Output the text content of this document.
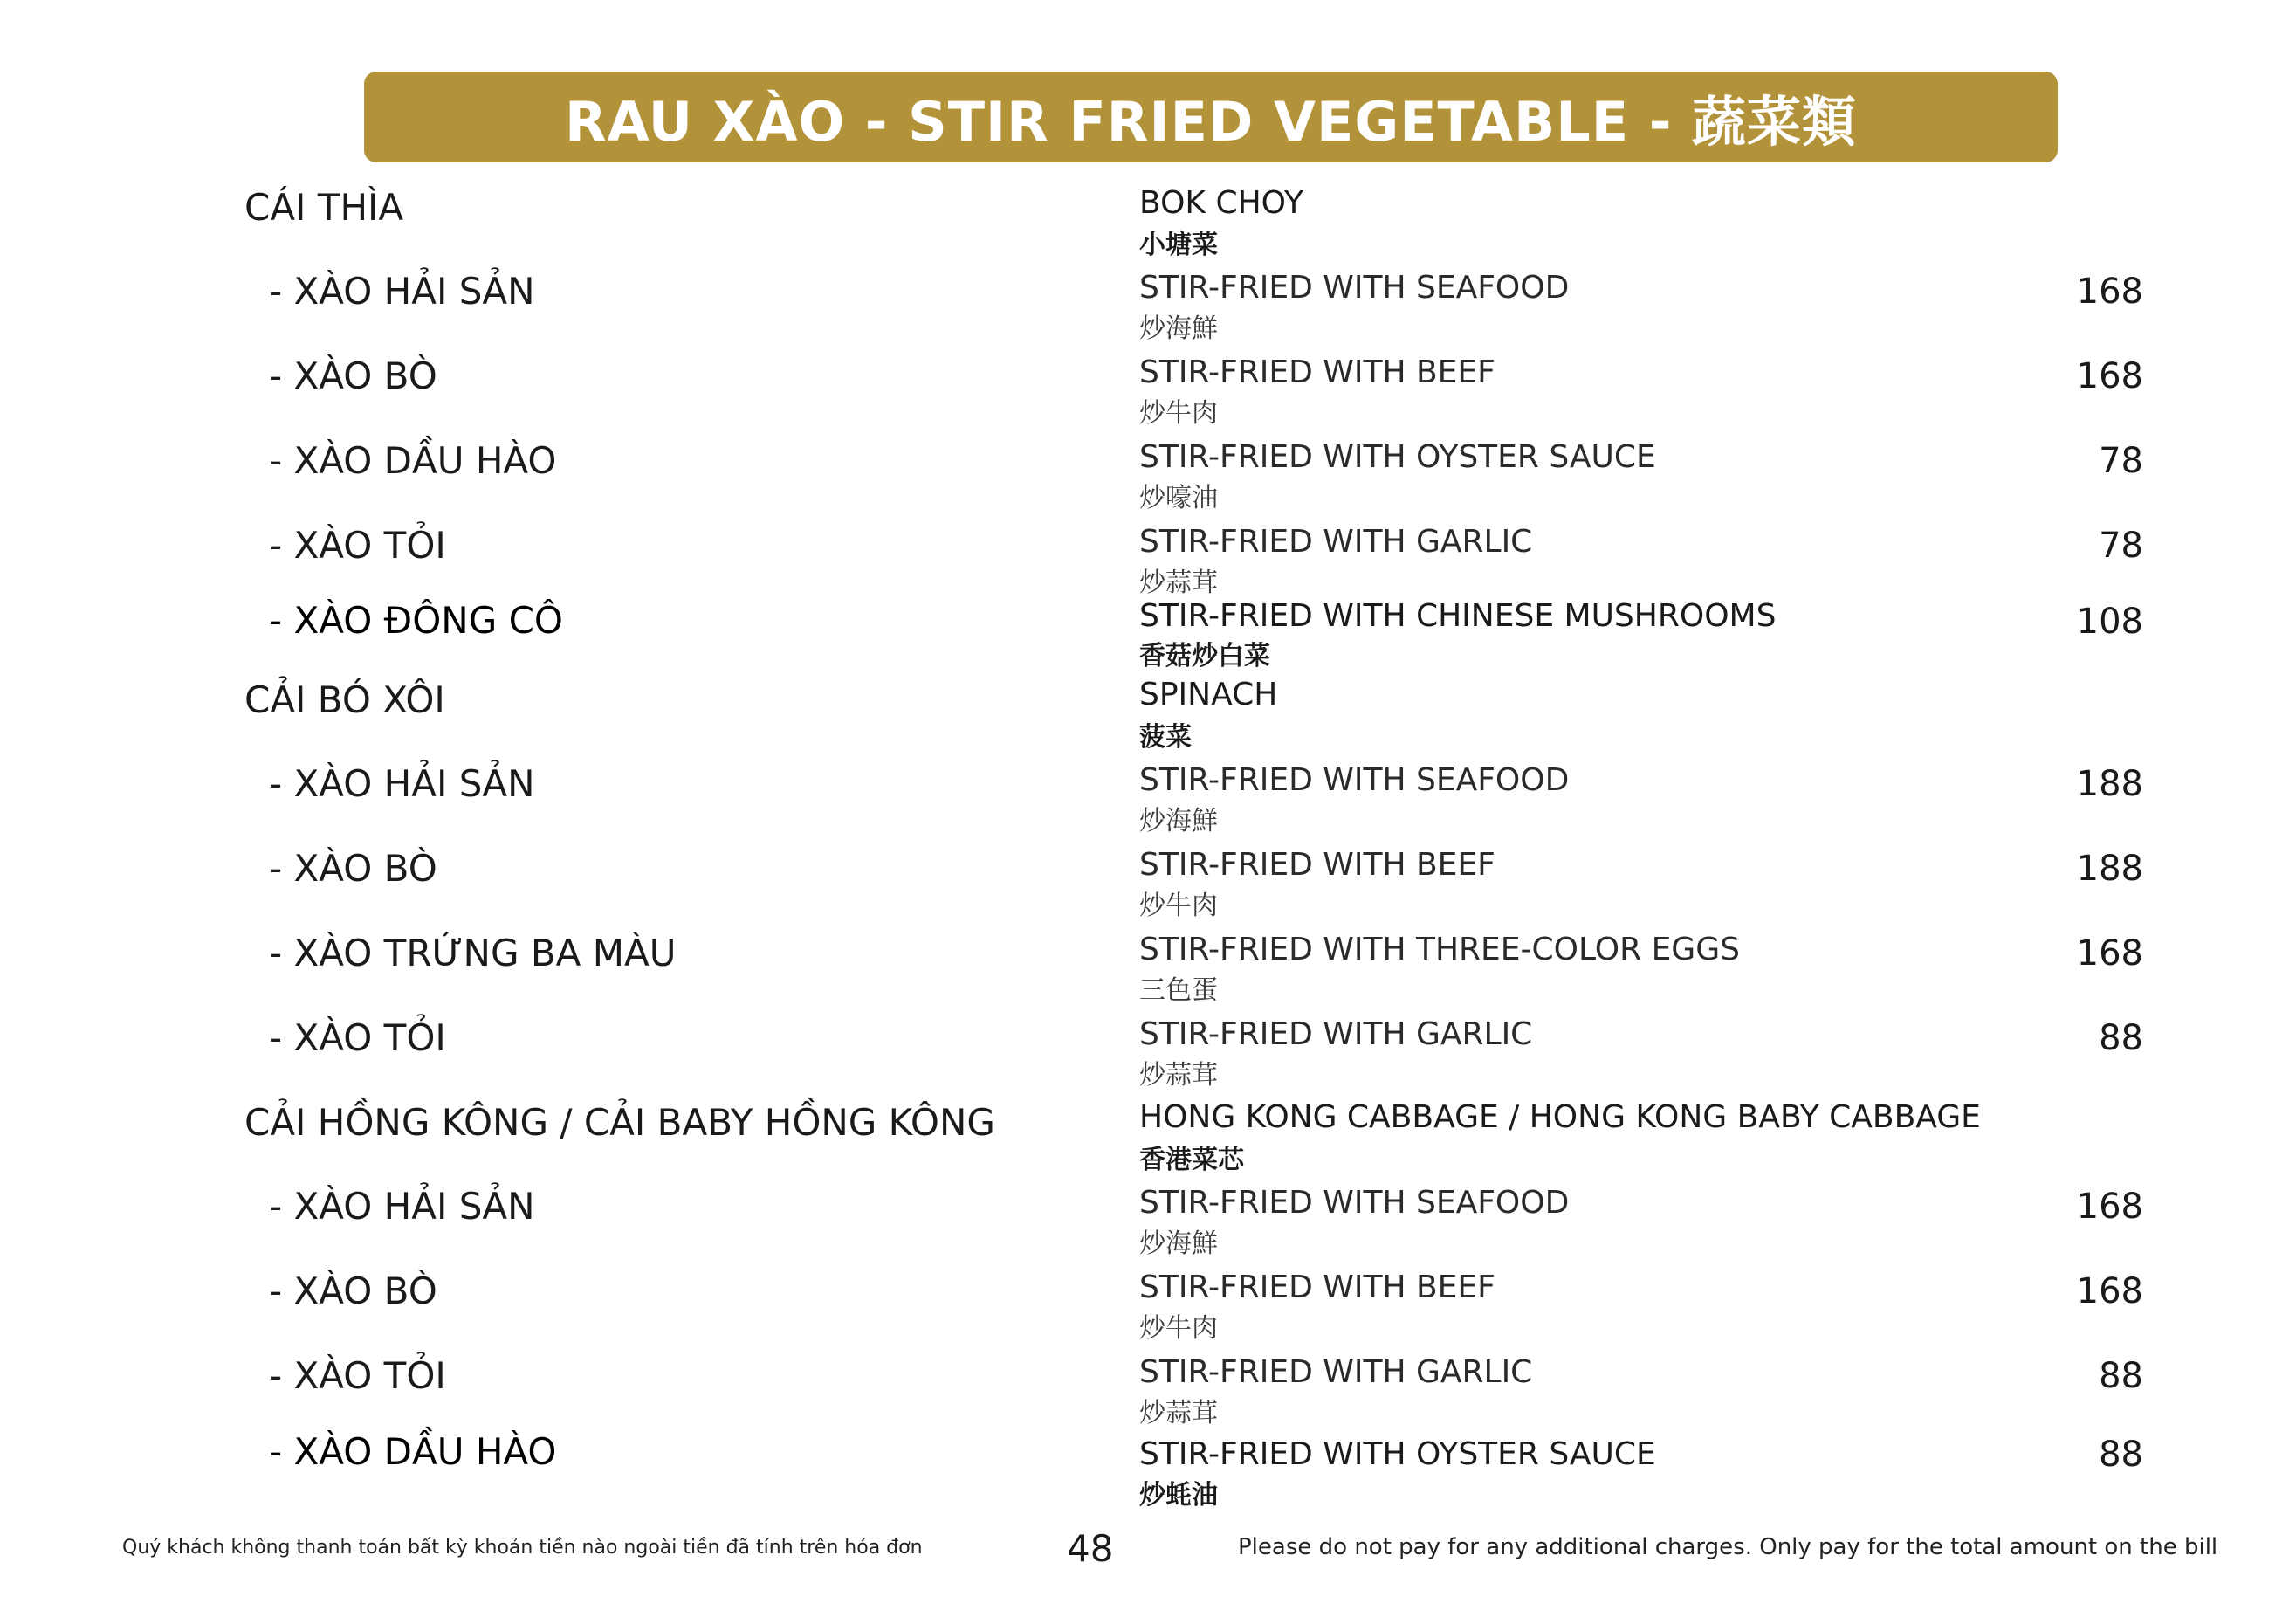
RAU XÀO - STIR FRIED VEGETABLE - 蔬菜類
CÁI THÌA	BOK CHOY
小塘菜
- XÀO HẢI SẢN	STIR-FRIED WITH SEAFOOD	168
炒海鮮
- XÀO BÒ	STIR-FRIED WITH BEEF	168
炒牛肉
- XÀO DẦU HÀO	STIR-FRIED WITH OYSTER SAUCE	78
炒嚎油
- XÀO TỎI	STIR-FRIED WITH GARLIC	78
炒蒜茸
- XÀO ĐÔNG CÔ	STIR-FRIED WITH CHINESE MUSHROOMS	108
香菇炒白菜
CẢI BÓ XÔI	SPINACH
菠菜
- XÀO HẢI SẢN	STIR-FRIED WITH SEAFOOD	188
炒海鮮
- XÀO BÒ	STIR-FRIED WITH BEEF	188
炒牛肉
- XÀO TRỨNG BA MÀU	STIR-FRIED WITH THREE-COLOR EGGS	168
三色蛋
- XÀO TỎI	STIR-FRIED WITH GARLIC	88
炒蒜茸
CẢI HỒNG KÔNG / CẢI BABY HỒNG KÔNG	HONG KONG CABBAGE / HONG KONG BABY CABBAGE
香港菜芯
- XÀO HẢI SẢN	STIR-FRIED WITH SEAFOOD	168
炒海鮮
- XÀO BÒ	STIR-FRIED WITH BEEF	168
炒牛肉
- XÀO TỎI	STIR-FRIED WITH GARLIC	88
炒蒜茸
- XÀO DẦU HÀO	STIR-FRIED WITH OYSTER SAUCE	88
炒蚝油
Quý khách không thanh toán bất kỳ khoản tiền nào ngoài tiền đã tính trên hóa đơn	48	Please do not pay for any additional charges. Only pay for the total amount on the bill
